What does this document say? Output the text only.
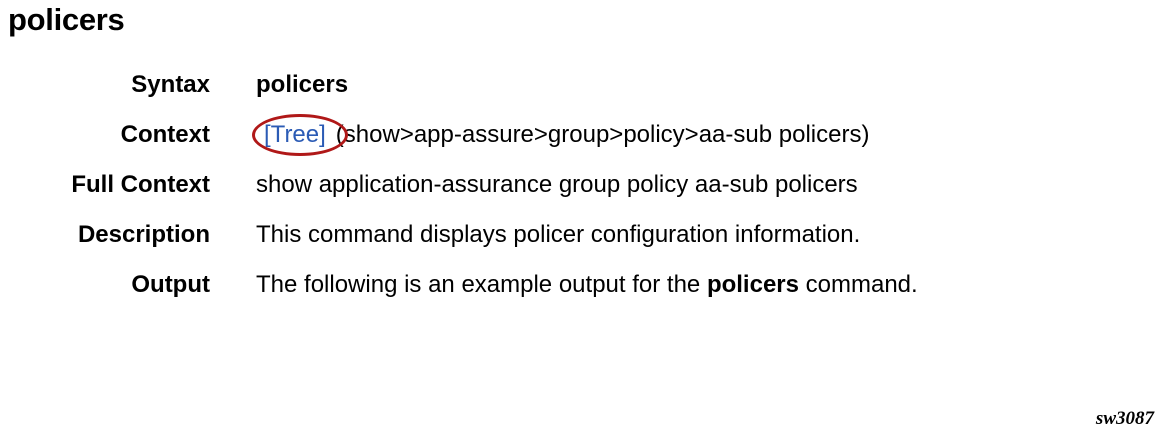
policers
Syntax policers
Context	[Tree] (show>app-assure>group>policy>aa-sub policers)
Full Context show application-assurance group policy aa-sub policers
Description This command displays policer configuration information.
Output The following is an example output for the policers command.
sw3087
